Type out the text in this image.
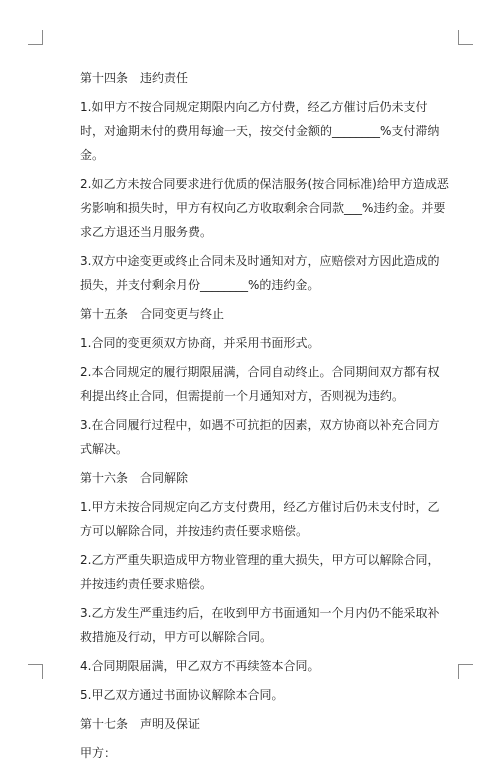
第十四条 违约责任

1.如甲方不按合同规定期限内向乙方付费，经乙方催讨后仍未支付时，对逾期未付的费用每逾一天，按交付金额的________%支付滞纳金。

2.如乙方未按合同要求进行优质的保洁服务(按合同标准)给甲方造成恶劣影响和损失时，甲方有权向乙方收取剩余合同款___%违约金。并要求乙方退还当月服务费。

3.双方中途变更或终止合同未及时通知对方，应赔偿对方因此造成的损失，并支付剩余月份________%的违约金。

第十五条 合同变更与终止

1.合同的变更须双方协商，并采用书面形式。

2.本合同规定的履行期限届满，合同自动终止。合同期间双方都有权利提出终止合同，但需提前一个月通知对方，否则视为违约。

3.在合同履行过程中，如遇不可抗拒的因素，双方协商以补充合同方式解决。

第十六条 合同解除

1.甲方未按合同规定向乙方支付费用，经乙方催讨后仍未支付时，乙方可以解除合同，并按违约责任要求赔偿。

2.乙方严重失职造成甲方物业管理的重大损失，甲方可以解除合同，并按违约责任要求赔偿。

3.乙方发生严重违约后，在收到甲方书面通知一个月内仍不能采取补救措施及行动，甲方可以解除合同。

4.合同期限届满，甲乙双方不再续签本合同。

5.甲乙双方通过书面协议解除本合同。

第十七条 声明及保证

甲方：
